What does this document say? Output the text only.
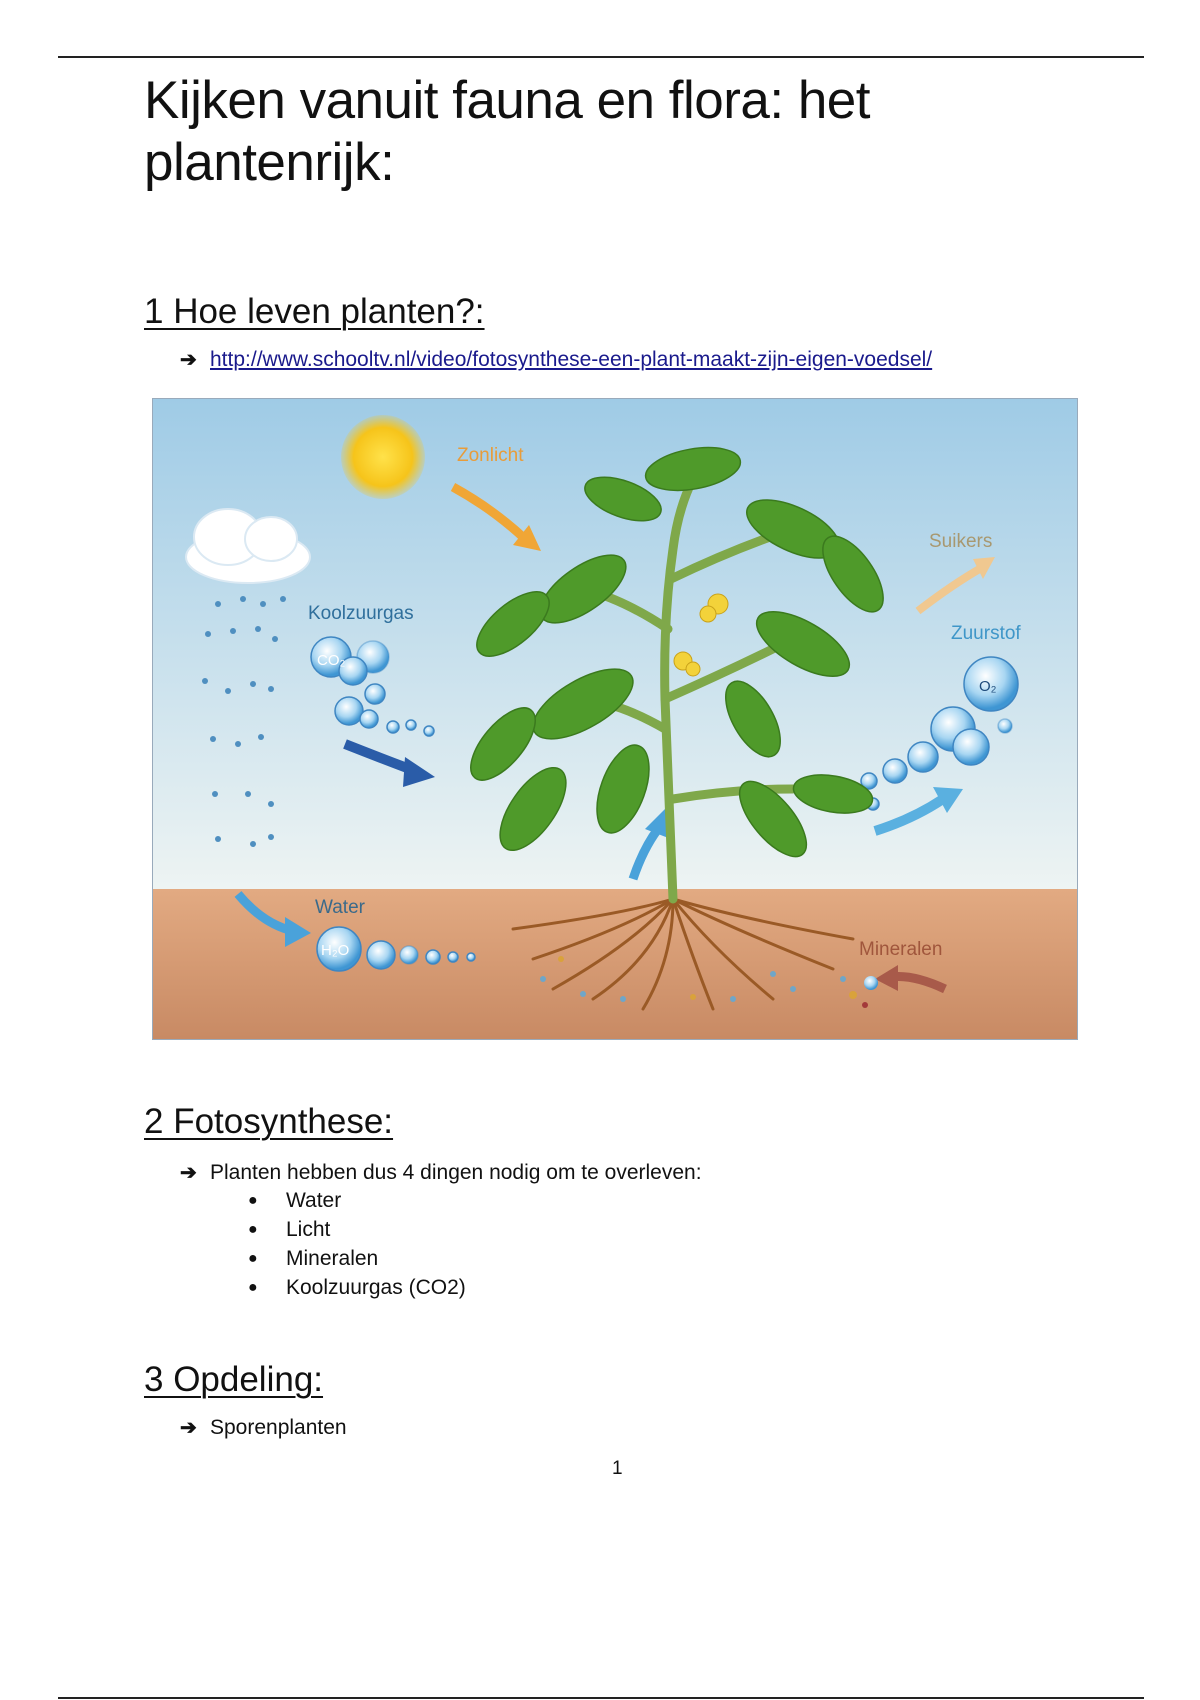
Kijken vanuit fauna en flora: het plantenrijk:
1 Hoe leven planten?:
➔ http://www.schooltv.nl/video/fotosynthese-een-plant-maakt-zijn-eigen-voedsel/
Zonlicht
Suikers
Koolzuurgas
Zuurstof
Water
Mineralen
CO₂
O₂
H₂O
2 Fotosynthese:
➔ Planten hebben dus 4 dingen nodig om te overleven:
●	Water
●	Licht
●	Mineralen
●	Koolzuurgas (CO2)
3 Opdeling:
➔ Sporenplanten
1
